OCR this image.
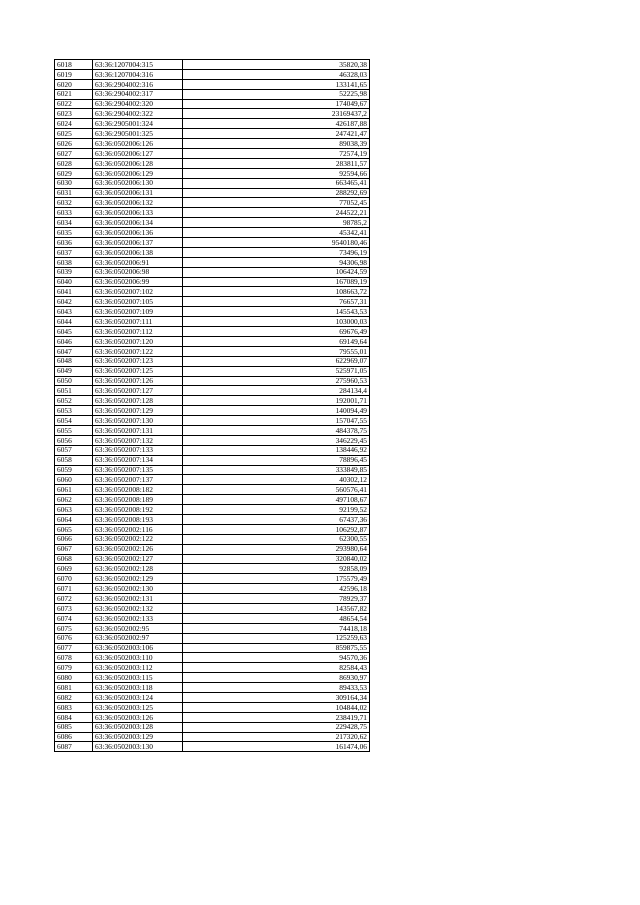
6018	63:36:1207004:315	35820,38
6019	63:36:1207004:316	46328,03
6020	63:36:2904002:316	133141,65
6021	63:36:2904002:317	52225,98
6022	63:36:2904002:320	174049,67
6023	63:36:2904002:322	23169437,2
6024	63:36:2905001:324	426187,88
6025	63:36:2905001:325	247421,47
6026	63:36:0502006:126	89038,39
6027	63:36:0502006:127	72574,19
6028	63:36:0502006:128	283811,57
6029	63:36:0502006:129	92594,66
6030	63:36:0502006:130	663465,41
6031	63:36:0502006:131	288292,69
6032	63:36:0502006:132	77052,45
6033	63:36:0502006:133	244522,21
6034	63:36:0502006:134	98785,2
6035	63:36:0502006:136	45342,41
6036	63:36:0502006:137	9540180,46
6037	63:36:0502006:138	73496,19
6038	63:36:0502006:91	94306,98
6039	63:36:0502006:98	106424,59
6040	63:36:0502006:99	167089,19
6041	63:36:0502007:102	108663,72
6042	63:36:0502007:105	76657,31
6043	63:36:0502007:109	145543,53
6044	63:36:0502007:111	103000,03
6045	63:36:0502007:112	69676,49
6046	63:36:0502007:120	69149,64
6047	63:36:0502007:122	79555,01
6048	63:36:0502007:123	622969,07
6049	63:36:0502007:125	525971,05
6050	63:36:0502007:126	275960,53
6051	63:36:0502007:127	284134,4
6052	63:36:0502007:128	192001,71
6053	63:36:0502007:129	140094,49
6054	63:36:0502007:130	157047,55
6055	63:36:0502007:131	484378,75
6056	63:36:0502007:132	346229,45
6057	63:36:0502007:133	138446,92
6058	63:36:0502007:134	78896,45
6059	63:36:0502007:135	333849,85
6060	63:36:0502007:137	40302,12
6061	63:36:0502008:182	560576,41
6062	63:36:0502008:189	497108,67
6063	63:36:0502008:192	92199,52
6064	63:36:0502008:193	67437,36
6065	63:36:0502002:116	106292,87
6066	63:36:0502002:122	62300,55
6067	63:36:0502002:126	293980,64
6068	63:36:0502002:127	320840,02
6069	63:36:0502002:128	92858,09
6070	63:36:0502002:129	175579,49
6071	63:36:0502002:130	42596,18
6072	63:36:0502002:131	78929,37
6073	63:36:0502002:132	143567,82
6074	63:36:0502002:133	48654,54
6075	63:36:0502002:95	74418,18
6076	63:36:0502002:97	125259,63
6077	63:36:0502003:106	859875,55
6078	63:36:0502003:110	94570,36
6079	63:36:0502003:112	82584,43
6080	63:36:0502003:115	86930,97
6081	63:36:0502003:118	89433,53
6082	63:36:0502003:124	309164,34
6083	63:36:0502003:125	104844,02
6084	63:36:0502003:126	238419,71
6085	63:36:0502003:128	229428,75
6086	63:36:0502003:129	217320,62
6087	63:36:0502003:130	161474,06
